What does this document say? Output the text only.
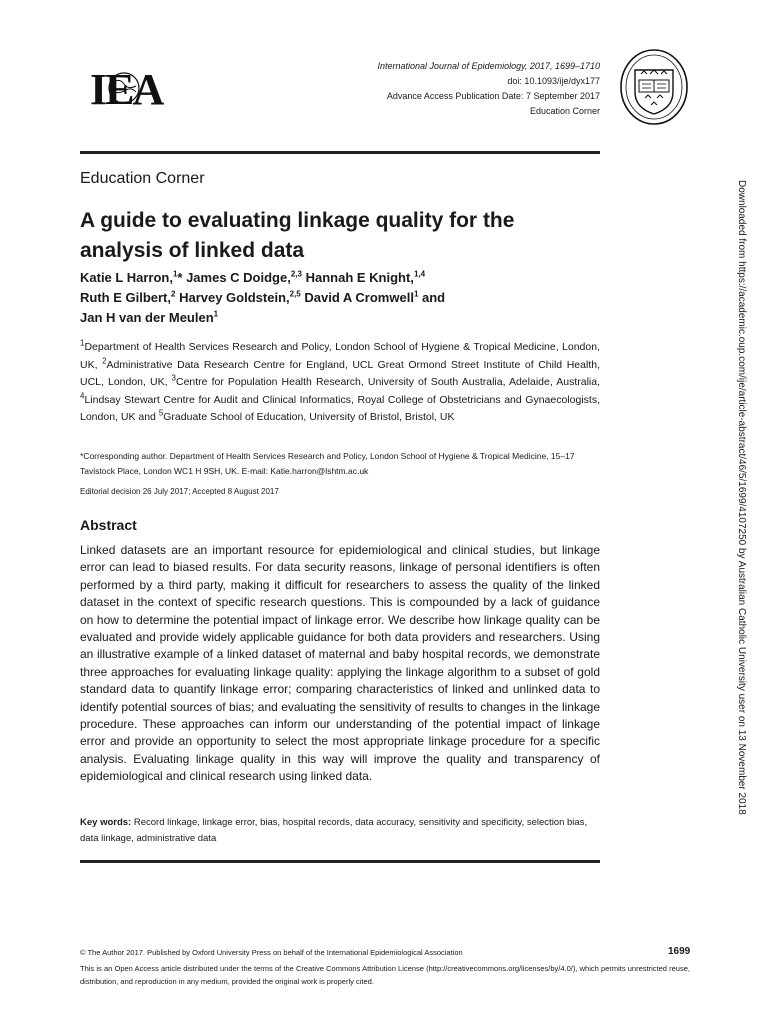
IEA	International Journal of Epidemiology, 2017, 1699–1710
doi: 10.1093/ije/dyx177
Advance Access Publication Date: 7 September 2017
Education Corner
Education Corner
A guide to evaluating linkage quality for the analysis of linked data
Katie L Harron,$^1$* James C Doidge,$^{2,3}$ Hannah E Knight,$^{1,4}$
Ruth E Gilbert,$^2$ Harvey Goldstein,$^{2,5}$ David A Cromwell$^1$ and
Jan H van der Meulen$^1$
$^1$Department of Health Services Research and Policy, London School of Hygiene & Tropical Medicine, London, UK, $^2$Administrative Data Research Centre for England, UCL Great Ormond Street Institute of Child Health, UCL, London, UK, $^3$Centre for Population Health Research, University of South Australia, Adelaide, Australia, $^4$Lindsay Stewart Centre for Audit and Clinical Informatics, Royal College of Obstetricians and Gynaecologists, London, UK and $^5$Graduate School of Education, University of Bristol, Bristol, UK
*Corresponding author. Department of Health Services Research and Policy, London School of Hygiene & Tropical Medicine, 15–17 Tavistock Place, London WC1 H 9SH, UK. E-mail: Katie.harron@lshtm.ac.uk
Editorial decision 26 July 2017; Accepted 8 August 2017
Abstract
Linked datasets are an important resource for epidemiological and clinical studies, but linkage error can lead to biased results. For data security reasons, linkage of personal identifiers is often performed by a third party, making it difficult for researchers to assess the quality of the linked dataset in the context of specific research questions. This is compounded by a lack of guidance on how to determine the potential impact of linkage error. We describe how linkage quality can be evaluated and provide widely applicable guidance for both data providers and researchers. Using an illustrative example of a linked dataset of maternal and baby hospital records, we demonstrate three approaches for evaluating linkage quality: applying the linkage algorithm to a subset of gold standard data to quantify linkage error; comparing characteristics of linked and unlinked data to identify potential sources of bias; and evaluating the sensitivity of results to changes in the linkage procedure. These approaches can inform our understanding of the potential impact of linkage error and provide an opportunity to select the most appropriate linkage procedure for a specific analysis. Evaluating linkage quality in this way will improve the quality and transparency of epidemiological and clinical research using linked data.
Key words: Record linkage, linkage error, bias, hospital records, data accuracy, sensitivity and specificity, selection bias, data linkage, administrative data
Downloaded from https://academic.oup.com/ije/article-abstract/46/5/1699/4107250 by Australian Catholic University user on 13 November 2018
© The Author 2017. Published by Oxford University Press on behalf of the International Epidemiological Association	1699
This is an Open Access article distributed under the terms of the Creative Commons Attribution License (http://creativecommons.org/licenses/by/4.0/), which permits unrestricted reuse, distribution, and reproduction in any medium, provided the original work is properly cited.
